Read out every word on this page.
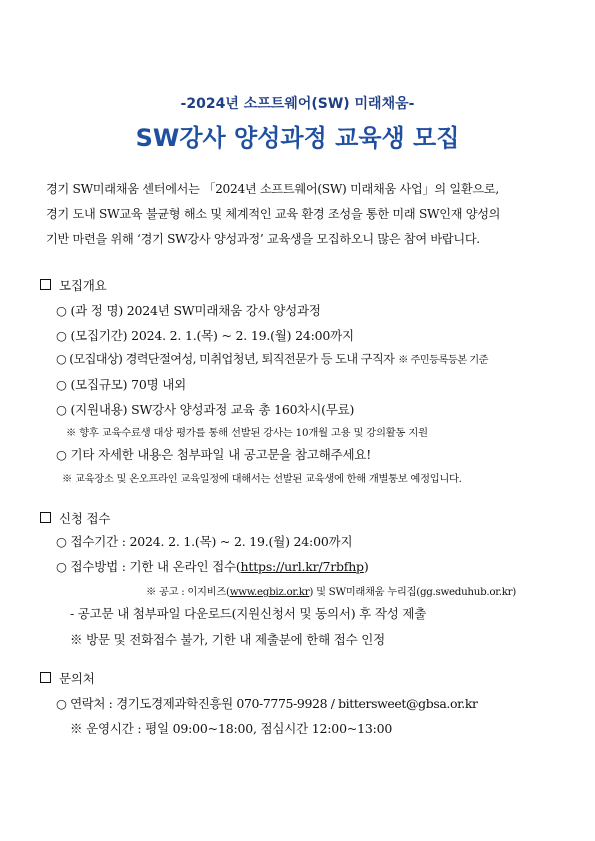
-2024년 소프트웨어(SW) 미래채움-
SW강사 양성과정 교육생 모집
경기 SW미래채움 센터에서는 「2024년 소프트웨어(SW) 미래채움 사업」의 일환으로,
경기 도내 SW교육 불균형 해소 및 체계적인 교육 환경 조성을 통한 미래 SW인재 양성의
기반 마련을 위해 ‘경기 SW강사 양성과정’ 교육생을 모집하오니 많은 참여 바랍니다.
모집개요
○ (과 정 명) 2024년 SW미래채움 강사 양성과정
○ (모집기간) 2024. 2. 1.(목) ~ 2. 19.(월) 24:00까지
○ (모집대상) 경력단절여성, 미취업청년, 퇴직전문가 등 도내 구직자 ※ 주민등록등본 기준
○ (모집규모) 70명 내외
○ (지원내용) SW강사 양성과정 교육 총 160차시(무료)
※ 향후 교육수료생 대상 평가를 통해 선발된 강사는 10개월 고용 및 강의활동 지원
○ 기타 자세한 내용은 첨부파일 내 공고문을 참고해주세요!
※ 교육장소 및 온오프라인 교육일정에 대해서는 선발된 교육생에 한해 개별통보 예정입니다.
신청 접수
○ 접수기간 : 2024. 2. 1.(목) ~ 2. 19.(월) 24:00까지
○ 접수방법 : 기한 내 온라인 접수(https://url.kr/7rbfhp)
※ 공고 : 이지비즈(www.egbiz.or.kr) 및 SW미래채움 누리집(gg.sweduhub.or.kr)
- 공고문 내 첨부파일 다운로드(지원신청서 및 동의서) 후 작성 제출
※ 방문 및 전화접수 불가, 기한 내 제출분에 한해 접수 인정
문의처
○ 연락처 : 경기도경제과학진흥원 070-7775-9928 / bittersweet@gbsa.or.kr
※ 운영시간 : 평일 09:00~18:00, 점심시간 12:00~13:00
